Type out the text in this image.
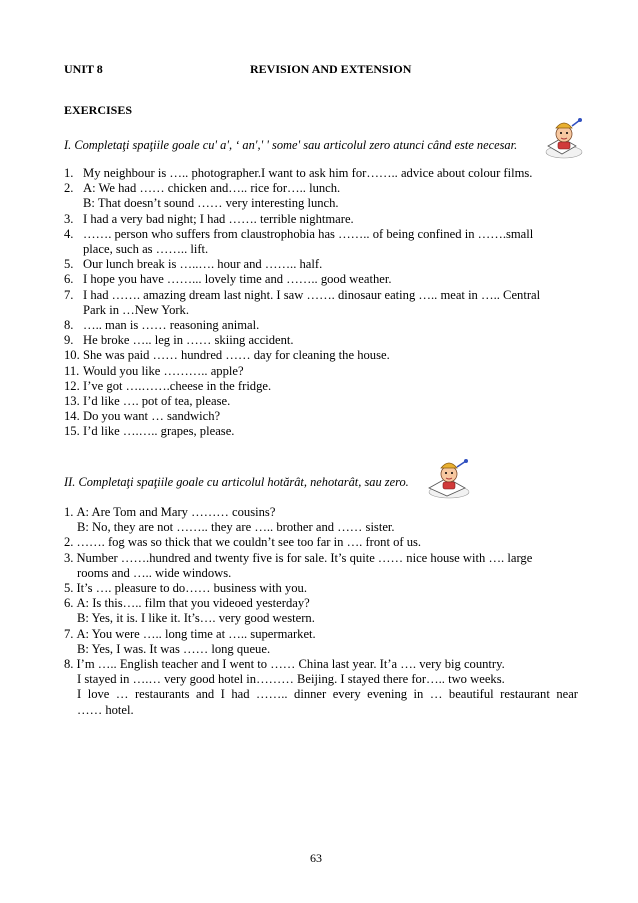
UNIT 8	REVISION AND EXTENSION
EXERCISES
I. Completaţi spaţiile goale cu' a', ‘ an',' ' some' sau articolul zero atunci când este necesar.
1. My neighbour is ….. photographer.I want to ask him for…….. advice about colour films.
2. A: We had …… chicken and….. rice for….. lunch.
B: That doesn’t sound …… very interesting lunch.
3. I had a very bad night; I had ……. terrible nightmare.
4. ……. person who suffers from claustrophobia has …….. of being confined in …….small
place, such as …….. lift.
5. Our lunch break is …..…. hour and …….. half.
6. I hope you have ……... lovely time and …….. good weather.
7. I had ……. amazing dream last night. I saw ……. dinosaur eating ….. meat in ….. Central
Park in …New York.
8. ….. man is …… reasoning animal.
9. He broke ….. leg in …… skiing accident.
10. She was paid …… hundred …… day for cleaning the house.
11. Would you like ……….. apple?
12. I’ve got ….…….cheese in the fridge.
13. I’d like …. pot of tea, please.
14. Do you want … sandwich?
15. I’d like ….….. grapes, please.
II. Completaţi spaţiile goale cu articolul hotărât, nehotarât, sau zero.
1. A: Are Tom and Mary ……… cousins?
B: No, they are not …….. they are ….. brother and …… sister.
2. ……. fog was so thick that we couldn’t see too far in …. front of us.
3. Number …….hundred and twenty five is for sale. It’s quite …… nice house with …. large
rooms and ….. wide windows.
5. It’s …. pleasure to do…… business with you.
6. A: Is this….. film that you videoed yesterday?
B: Yes, it is. I like it. It’s…. very good western.
7. A: You were ….. long time at ….. supermarket.
B: Yes, I was. It was …… long queue.
8. I’m ….. English teacher and I went to …… China last year. It’a …. very big country.
I stayed in ….… very good hotel in……… Beijing. I stayed there for….. two weeks.
I love … restaurants and I had …….. dinner every evening in … beautiful restaurant near
…… hotel.
63
